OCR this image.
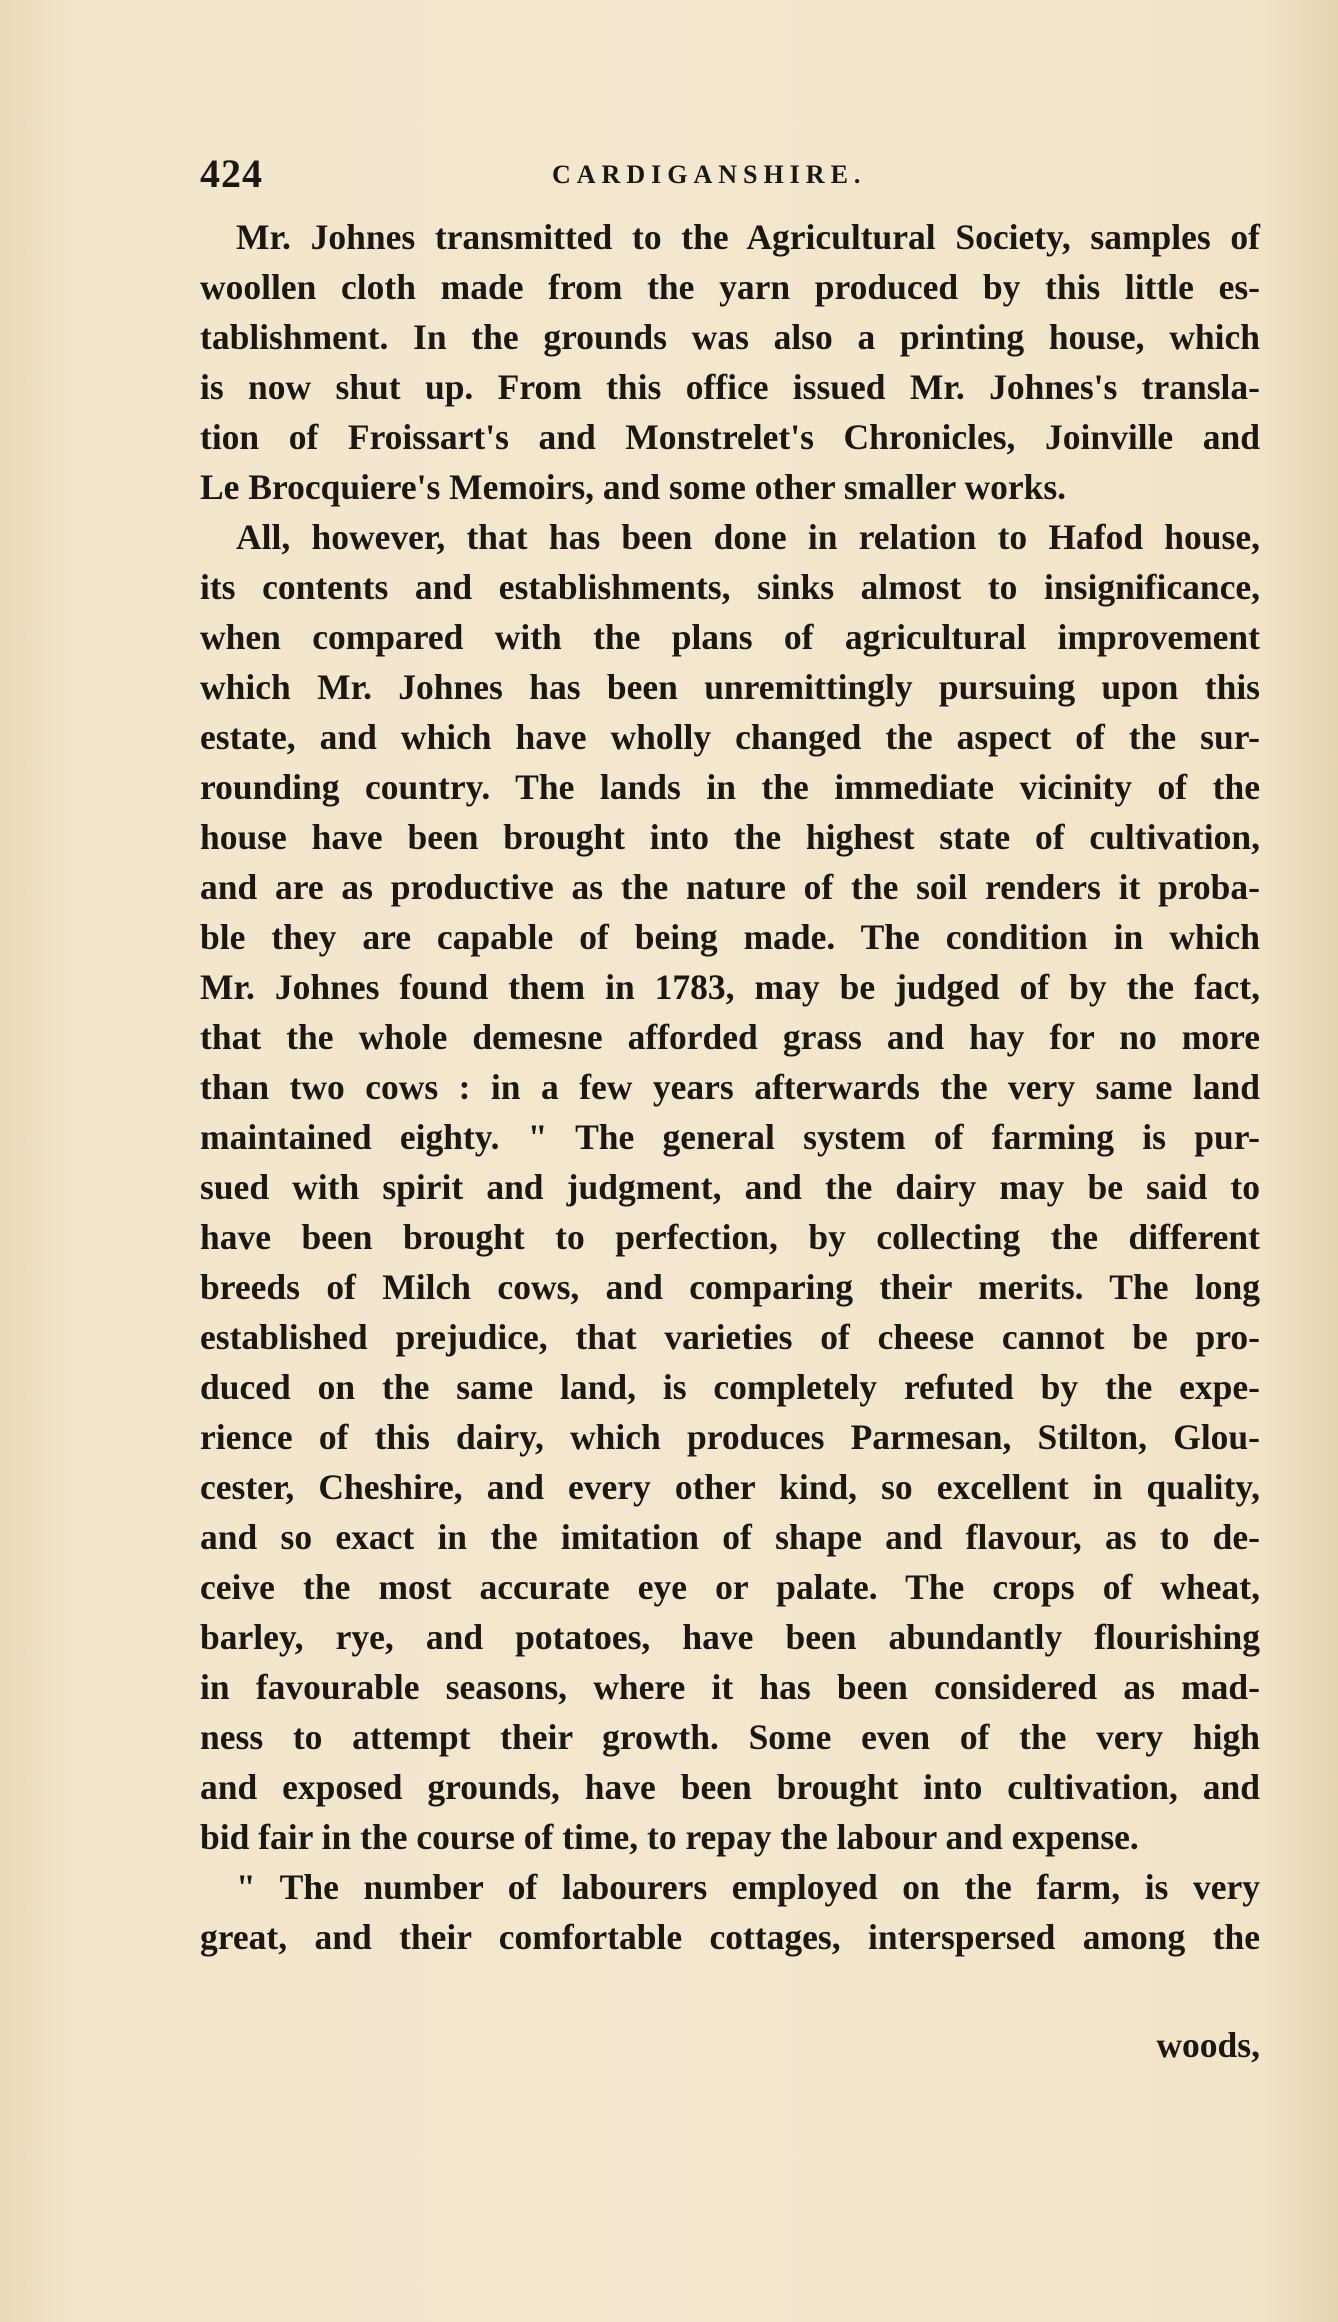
424	CARDIGANSHIRE.
Mr. Johnes transmitted to the Agricultural Society, samples of
woollen cloth made from the yarn produced by this little es-
tablishment. In the grounds was also a printing house, which
is now shut up. From this office issued Mr. Johnes's transla-
tion of Froissart's and Monstrelet's Chronicles, Joinville and
Le Brocquiere's Memoirs, and some other smaller works.
All, however, that has been done in relation to Hafod house,
its contents and establishments, sinks almost to insignificance,
when compared with the plans of agricultural improvement
which Mr. Johnes has been unremittingly pursuing upon this
estate, and which have wholly changed the aspect of the sur-
rounding country. The lands in the immediate vicinity of the
house have been brought into the highest state of cultivation,
and are as productive as the nature of the soil renders it proba-
ble they are capable of being made. The condition in which
Mr. Johnes found them in 1783, may be judged of by the fact,
that the whole demesne afforded grass and hay for no more
than two cows : in a few years afterwards the very same land
maintained eighty. " The general system of farming is pur-
sued with spirit and judgment, and the dairy may be said to
have been brought to perfection, by collecting the different
breeds of Milch cows, and comparing their merits. The long
established prejudice, that varieties of cheese cannot be pro-
duced on the same land, is completely refuted by the expe-
rience of this dairy, which produces Parmesan, Stilton, Glou-
cester, Cheshire, and every other kind, so excellent in quality,
and so exact in the imitation of shape and flavour, as to de-
ceive the most accurate eye or palate. The crops of wheat,
barley, rye, and potatoes, have been abundantly flourishing
in favourable seasons, where it has been considered as mad-
ness to attempt their growth. Some even of the very high
and exposed grounds, have been brought into cultivation, and
bid fair in the course of time, to repay the labour and expense.
" The number of labourers employed on the farm, is very
great, and their comfortable cottages, interspersed among the
woods,
